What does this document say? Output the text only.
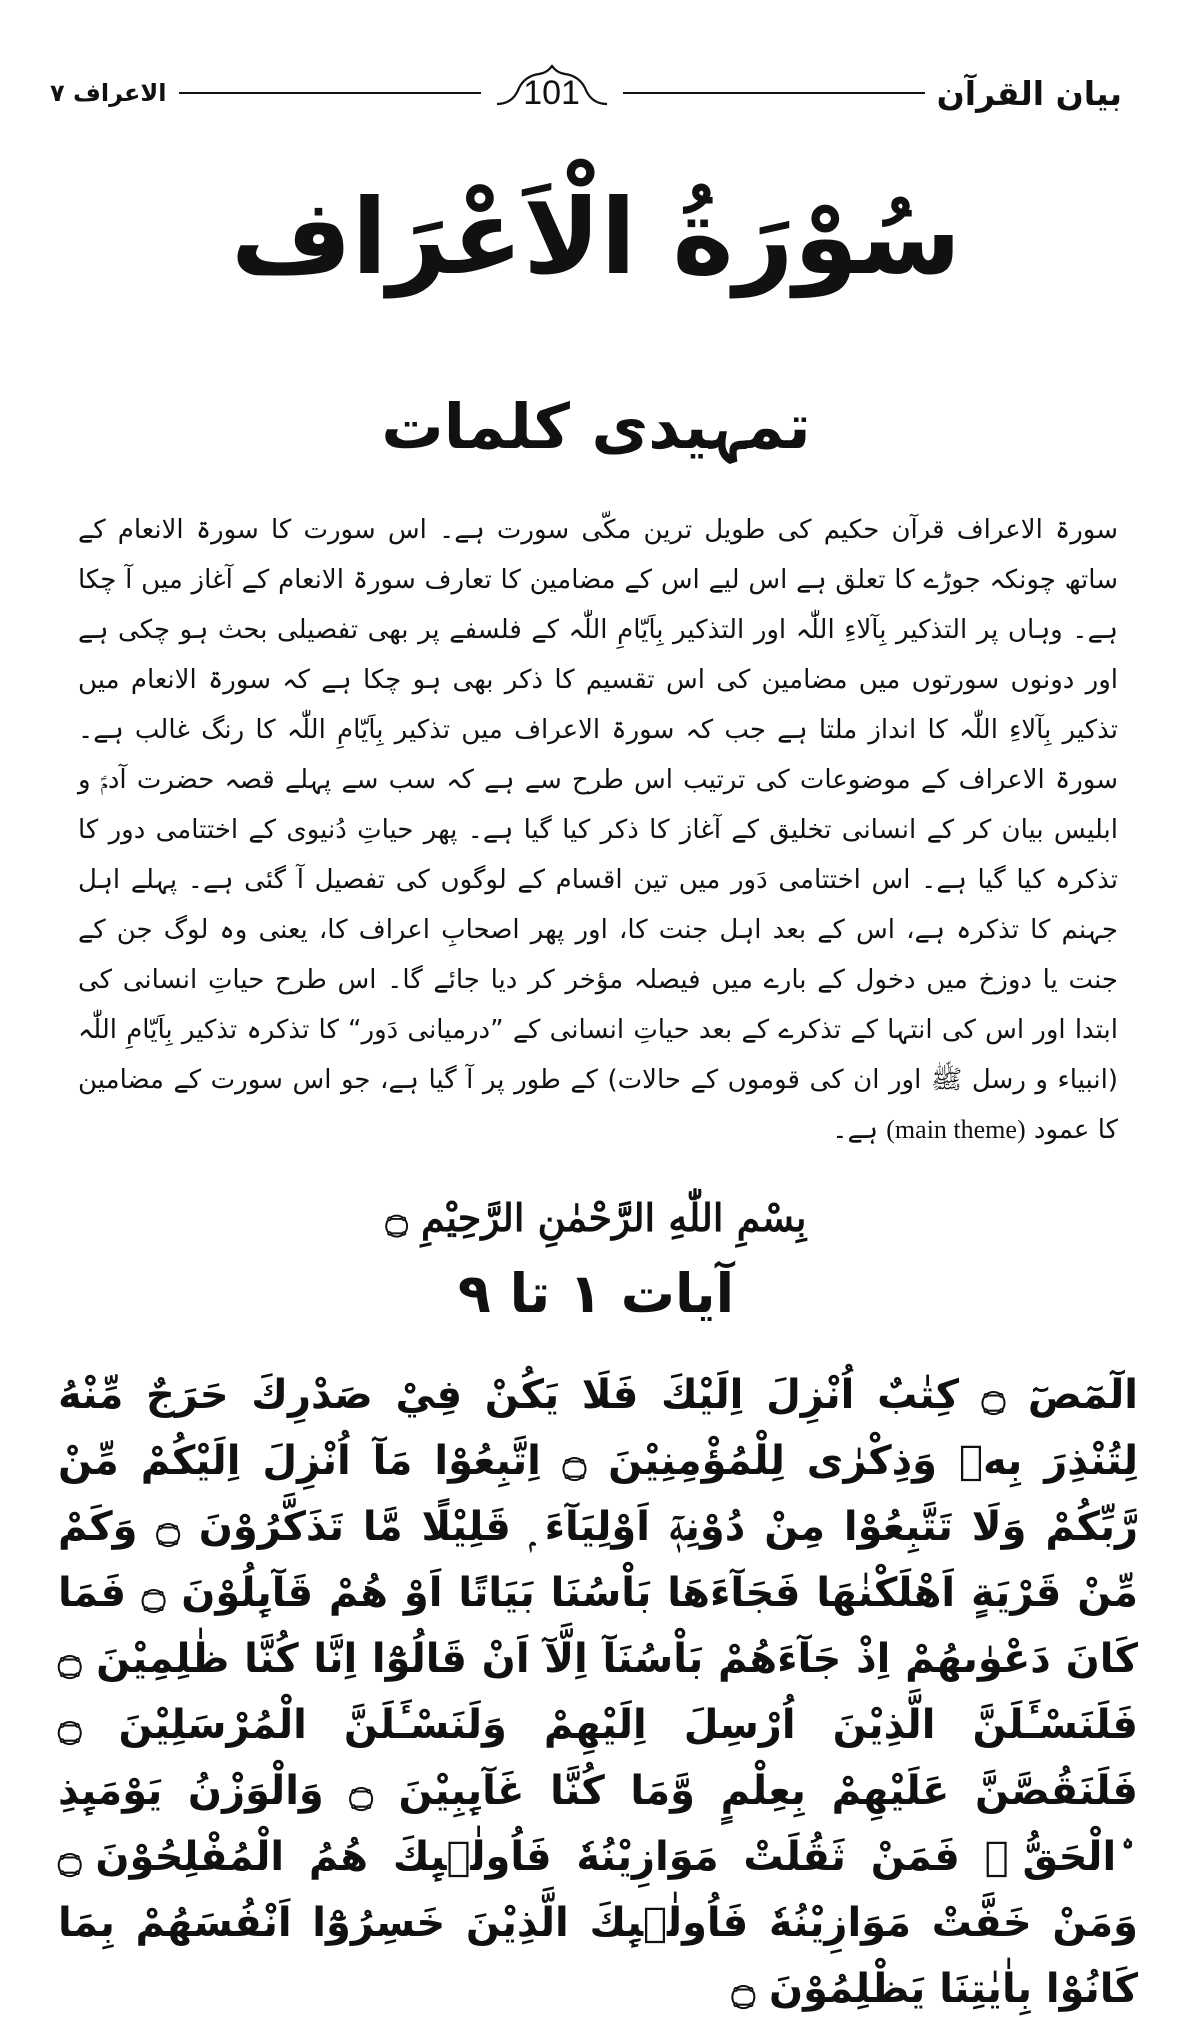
بیان القرآن
101
الاعراف ۷
سُوْرَةُ الْاَعْرَاف
تمہیدی کلمات

سورۃ الاعراف قرآن حکیم کی طویل ترین مکّی سورت ہے۔ اس سورت کا سورۃ الانعام کے ساتھ چونکہ جوڑے کا تعلق ہے اس لیے اس کے مضامین کا تعارف سورۃ الانعام کے آغاز میں آ چکا ہے۔ وہاں پر التذکیر بِآلاءِ اللّٰہ اور التذکیر بِاَیّامِ اللّٰہ کے فلسفے پر بھی تفصیلی بحث ہو چکی ہے اور دونوں سورتوں میں مضامین کی اس تقسیم کا ذکر بھی ہو چکا ہے کہ سورۃ الانعام میں تذکیر بِآلاءِ اللّٰہ کا انداز ملتا ہے جب کہ سورۃ الاعراف میں تذکیر بِاَیّامِ اللّٰہ کا رنگ غالب ہے۔ سورۃ الاعراف کے موضوعات کی ترتیب اس طرح سے ہے کہ سب سے پہلے قصہ حضرت آدمؑ و ابلیس بیان کر کے انسانی تخلیق کے آغاز کا ذکر کیا گیا ہے۔ پھر حیاتِ دُنیوی کے اختتامی دور کا تذکرہ کیا گیا ہے۔ اس اختتامی دَور میں تین اقسام کے لوگوں کی تفصیل آ گئی ہے۔ پہلے اہل جہنم کا تذکرہ ہے، اس کے بعد اہل جنت کا، اور پھر اصحابِ اعراف کا، یعنی وہ لوگ جن کے جنت یا دوزخ میں دخول کے بارے میں فیصلہ مؤخر کر دیا جائے گا۔ اس طرح حیاتِ انسانی کی ابتدا اور اس کی انتہا کے تذکرے کے بعد حیاتِ انسانی کے ”درمیانی دَور“ کا تذکرہ تذکیر بِاَیّامِ اللّٰہ (انبیاء و رسل ﷺ اور ان کی قوموں کے حالات) کے طور پر آ گیا ہے، جو اس سورت کے مضامین کا عمود (main theme) ہے۔

بِسْمِ اللّٰهِ الرَّحْمٰنِ الرَّحِيْمِ ۝
آیات ۱ تا ۹

الٓمٓصٓ ۝ كِتٰبٌ اُنْزِلَ اِلَيْكَ فَلَا يَكُنْ فِيْ صَدْرِكَ حَرَجٌ مِّنْهُ لِتُنْذِرَ بِهٖ وَذِكْرٰى لِلْمُؤْمِنِيْنَ ۝ اِتَّبِعُوْا مَآ اُنْزِلَ اِلَيْكُمْ مِّنْ رَّبِّكُمْ وَلَا تَتَّبِعُوْا مِنْ دُوْنِهٖٓ اَوْلِيَآءَ ۭ قَلِيْلًا مَّا تَذَكَّرُوْنَ ۝ وَكَمْ مِّنْ قَرْيَةٍ اَهْلَكْنٰهَا فَجَآءَهَا بَاْسُنَا بَيَاتًا اَوْ هُمْ قَآىِٕلُوْنَ ۝ فَمَا كَانَ دَعْوٰىهُمْ اِذْ جَآءَهُمْ بَاْسُنَآ اِلَّآ اَنْ قَالُوْٓا اِنَّا كُنَّا ظٰلِمِيْنَ ۝ فَلَنَسْـَٔلَنَّ الَّذِيْنَ اُرْسِلَ اِلَيْهِمْ وَلَنَسْـَٔلَنَّ الْمُرْسَلِيْنَ ۝ فَلَنَقُصَّنَّ عَلَيْهِمْ بِعِلْمٍ وَّمَا كُنَّا غَآىِٕبِيْنَ ۝ وَالْوَزْنُ يَوْمَىِٕذِ ۨالْحَقُّ ۚ فَمَنْ ثَقُلَتْ مَوَازِيْنُهٗ فَاُولٰۗىِٕكَ هُمُ الْمُفْلِحُوْنَ ۝ وَمَنْ خَفَّتْ مَوَازِيْنُهٗ فَاُولٰۗىِٕكَ الَّذِيْنَ خَسِرُوْٓا اَنْفُسَهُمْ بِمَا كَانُوْا بِاٰيٰتِنَا يَظْلِمُوْنَ ۝
